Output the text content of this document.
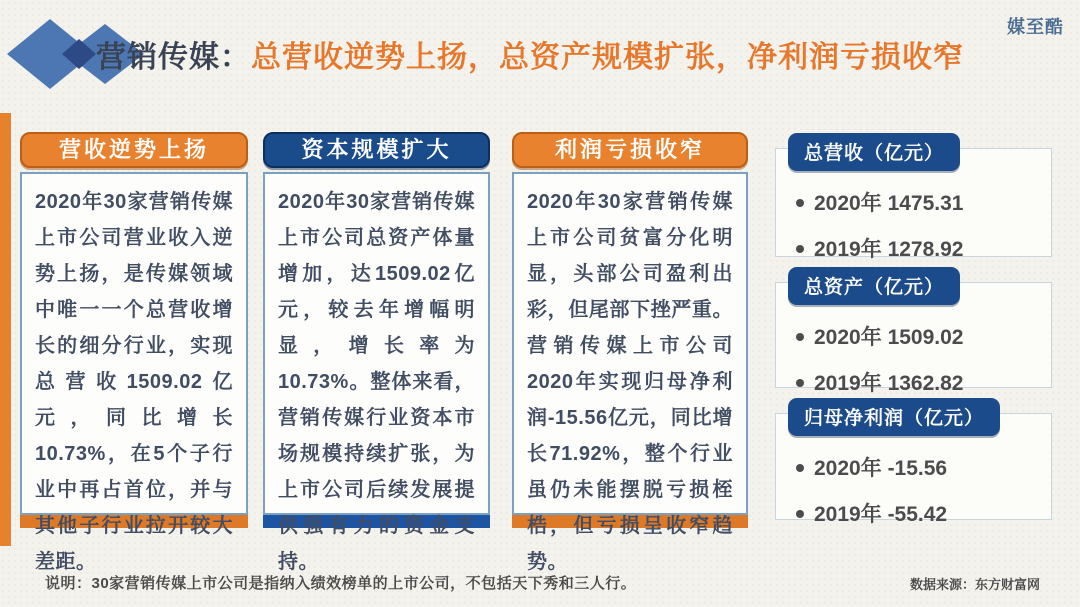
营销传媒：总营收逆势上扬，总资产规模扩张，净利润亏损收窄
媒至酷
营收逆势上扬
2020年30家营销传媒上市公司营业收入逆势上扬，是传媒领域中唯一一个总营收增长的细分行业，实现总营收1509.02亿元，同比增长10.73%，在5个子行业中再占首位，并与其他子行业拉开较大差距。
资本规模扩大
2020年30家营销传媒上市公司总资产体量增加，达1509.02亿元，较去年增幅明显，增长率为10.73%。整体来看，营销传媒行业资本市场规模持续扩张，为上市公司后续发展提供强有力的资金支持。
利润亏损收窄
2020年30家营销传媒上市公司贫富分化明显，头部公司盈利出彩，但尾部下挫严重。营销传媒上市公司2020年实现归母净利润-15.56亿元，同比增长71.92%，整个行业虽仍未能摆脱亏损桎梏，但亏损呈收窄趋势。
总营收（亿元）
2020年 1475.31
2019年 1278.92
总资产（亿元）
2020年 1509.02
2019年 1362.82
归母净利润（亿元）
2020年 -15.56
2019年 -55.42
说明：30家营销传媒上市公司是指纳入绩效榜单的上市公司，不包括天下秀和三人行。	数据来源：东方财富网
